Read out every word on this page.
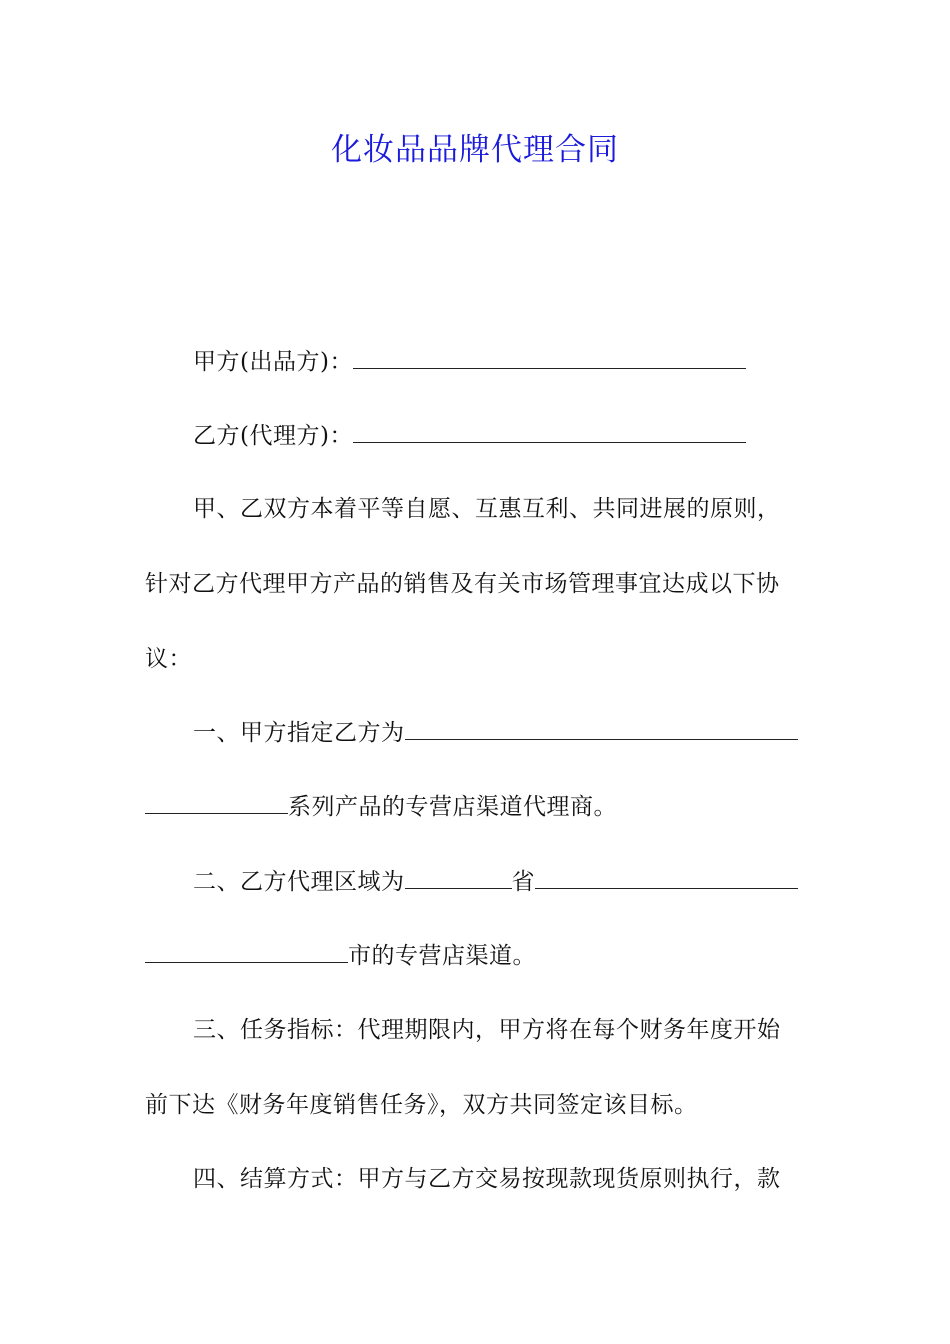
化妆品品牌代理合同
甲方(出品方)：
乙方(代理方)：
甲、乙双方本着平等自愿、互惠互利、共同进展的原则，
针对乙方代理甲方产品的销售及有关市场管理事宜达成以下协
议：
一、甲方指定乙方为
系列产品的专营店渠道代理商。
二、乙方代理区域为	省
市的专营店渠道。
三、任务指标：代理期限内，甲方将在每个财务年度开始
前下达《财务年度销售任务》，双方共同签定该目标。
四、结算方式：甲方与乙方交易按现款现货原则执行，款
